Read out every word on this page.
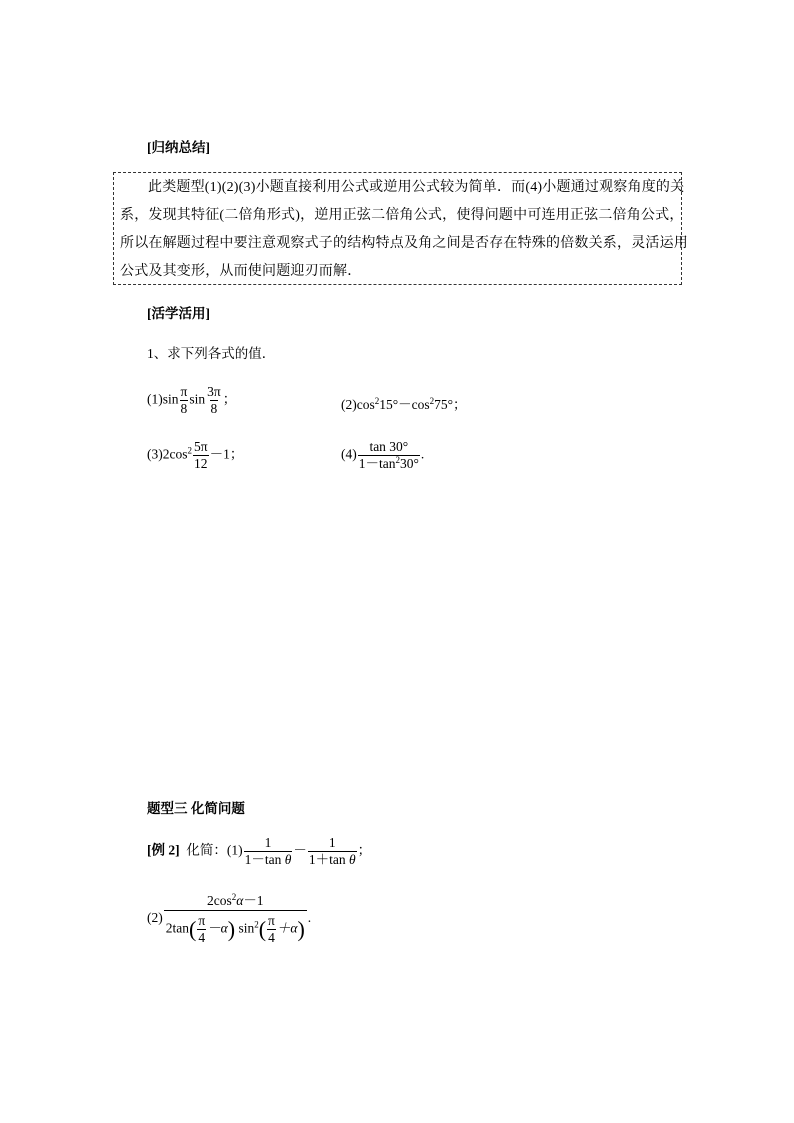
[归纳总结]
此类题型(1)(2)(3)小题直接利用公式或逆用公式较为简单．而(4)小题通过观察角度的关
系，发现其特征(二倍角形式)，逆用正弦二倍角公式，使得问题中可连用正弦二倍角公式，
所以在解题过程中要注意观察式子的结构特点及角之间是否存在特殊的倍数关系，灵活运用
公式及其变形，从而使问题迎刃而解．
[活学活用]
1、求下列各式的值．
$(1)\sin \frac{\pi}{8}$ $\sin \frac{3\pi}{8}$ ；	$(2)\cos^215^\circ-\cos^275^\circ$；
$(3)2\cos^2 \frac{5\pi}{12} -1$；	$(4) \frac{\tan 30^\circ}{1-\tan^230^\circ}$ .
题型三 化简问题
[例 2] 化简：$(1) \frac{1}{\text{1－tan θ}} - \frac{1}{\text{1＋tan θ}}$ ；
$(2) \frac{2\cos^2\alpha-1}{2\tan( \frac{\pi}{4} -\alpha) \sin^2( \frac{\pi}{4} +\alpha)}$ .
